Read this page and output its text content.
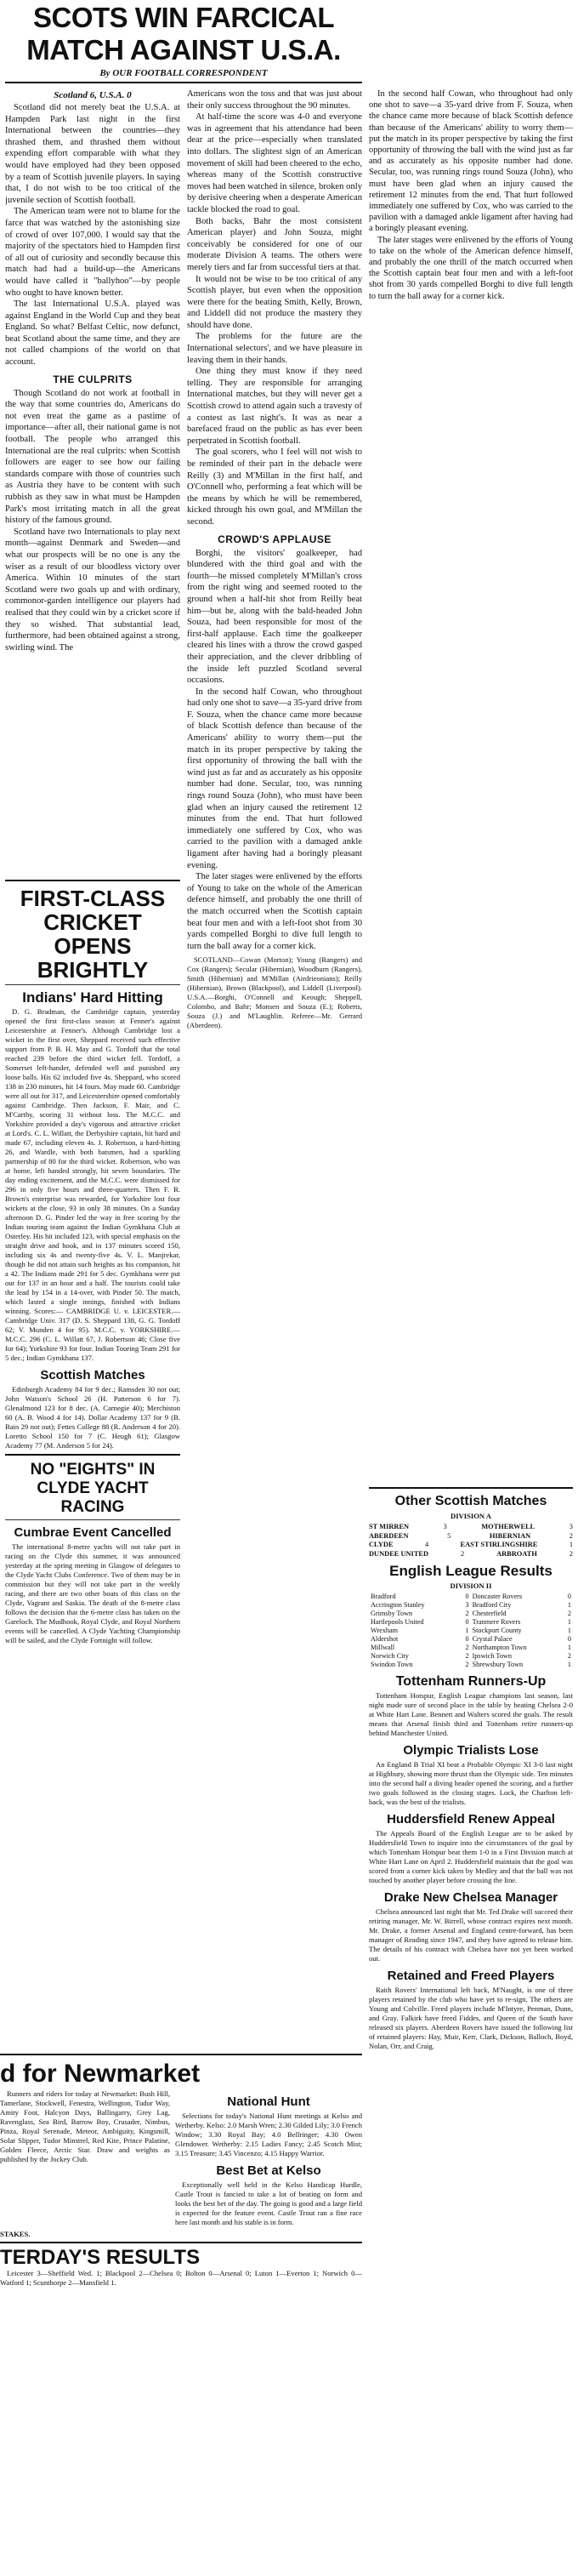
SCOTS WIN FARCICAL MATCH AGAINST U.S.A.
By OUR FOOTBALL CORRESPONDENT
Scotland 6, U.S.A. 0

Scotland did not merely beat the U.S.A. at Hampden Park last night in the first International between the countries—they thrashed them, and thrashed them without expending effort comparable with what they would have employed had they been opposed by a team of Scottish juvenile players. In saying that, I do not wish to be too critical of the juvenile section of Scottish football.

The American team were not to blame for the farce that was watched by the astonishing size of crowd of over 107,000. I would say that the majority of the spectators hied to Hampden first of all out of curiosity and secondly because this match had had a build-up—the Americans would have called it "ballyhoo"—by people who ought to have known better.

The last International U.S.A. played was against England in the World Cup and they beat England. So what? Belfast Celtic, now defunct, beat Scotland about the same time, and they are not called champions of the world on that account.

THE CULPRITS

Though Scotland do not work at football in the way that some countries do, Americans do not even treat the game as a pastime of importance—after all, their national game is not football. The people who arranged this International are the real culprits: when Scottish followers are eager to see how our failing standards compare with those of countries such as Austria they have to be content with such rubbish as they saw in what must be Hampden Park's most irritating match in all the great history of the famous ground.

Scotland have two Internationals to play next month—against Denmark and Sweden—and what our prospects will be no one is any the wiser as a result of our bloodless victory over America. Within 10 minutes of the start Scotland were two goals up and with ordinary, commonor-garden intelligence our players had realised that they could win by a cricket score if they so wished. That substantial lead, furthermore, had been obtained against a strong, swirling wind. The

Americans won the toss and that was just about their only success throughout the 90 minutes.

At half-time the score was 4-0 and everyone was in agreement that his attendance had been dear at the price—especially when translated into dollars. The slightest sign of an American movement of skill had been cheered to the echo, whereas many of the Scottish constructive moves had been watched in silence, broken only by derisive cheering when a desperate American tackle blocked the road to goal.

Both backs, Bahr the most consistent American player) and John Souza, might conceivably be considered for one of our moderate Division A teams. The others were merely tiers and far from successful tiers at that.

It would not be wise to be too critical of any Scottish player, but even when the opposition were there for the beating Smith, Kelly, Brown, and Liddell did not produce the mastery they should have done.

The problems for the future are the International selectors', and we have pleasure in leaving them in their hands.

One thing they must know if they need telling. They are responsible for arranging International matches, but they will never get a Scottish crowd to attend again such a travesty of a contest as last night's. It was as near a barefaced fraud on the public as has ever been perpetrated in Scottish football.

The goal scorers, who I feel will not wish to be reminded of their part in the debacle were Reilly (3) and M'Millan in the first half, and O'Connell who, performing a feat which will be the means by which he will be remembered, kicked through his own goal, and M'Millan the second.

CROWD'S APPLAUSE

Borghi, the visitors' goalkeeper, had blundered with the third goal and with the fourth—he missed completely M'Millan's cross from the right wing and seemed rooted to the ground when a half-hit shot from Reilly beat him—but he, along with the bald-headed John Souza, had been responsible for most of the first-half applause. Each time the goalkeeper cleared his lines with a throw the crowd gasped their appreciation, and the clever dribbling of the inside left puzzled Scotland several occasions.

In the second half Cowan, who throughout had only one shot to save—a 35-yard drive from F. Souza, when the chance came more because of black Scottish defence than because of the Americans' ability to worry them—put the match in its proper perspective by taking the first opportunity of throwing the ball with the wind just as far and as accurately as his opposite number had done. Secular, too, was running rings round Souza (John), who must have been glad when an injury caused the retirement 12 minutes from the end. That hurt followed immediately one suffered by Cox, who was carried to the pavilion with a damaged ankle ligament after having had a boringly pleasant evening.

The later stages were enlivened by the efforts of Young to take on the whole of the American defence himself, and probably the one thrill of the match occurred when the Scottish captain beat four men and with a left-foot shot from 30 yards compelled Borghi to dive full length to turn the ball away for a corner kick.

SCOTLAND—Cowan (Morton); Young (Rangers) and Cox (Rangers); Secular (Hibernian), Woodburn (Rangers), Smith (Hibernian) and M'Millan (Airdrieonians); Reilly (Hibernian), Brown (Blackpool), and Liddell (Liverpool). U.S.A.—Borghi, O'Connell and Keough; Sheppell, Colombo, and Bahr; Monsen and Souza (E.); Roberts, Souza (J.) and M'Laughlin. Referee—Mr. Gerrard (Aberdeen).

FIRST-CLASS CRICKET OPENS BRIGHTLY
Indians' Hard Hitting

D. G. Bradman, the Cambridge captain, yesterday opened the first first-class season at Fenner's against Leicestershire at Fenner's. Although Cambridge lost a wicket in the first over, Sheppard received such effective support from P. B. H. May and G. Tordoff that the total reached 239 before the third wicket fell. Tordoff, a Somerset left-hander, defended well and punished any loose balls. His 62 included five 4s. Sheppard, who scored 138 in 230 minutes, hit 14 fours. May made 60. Cambridge were all out for 317, and Leicestershire opened comfortably against Cambridge. Then Jackson, F. Mair, and C. M'Carthy, scoring 31 without loss. The M.C.C. and Yorkshire provided a day's vigorous and attractive cricket at Lord's. C. L. Willatt, the Derbyshire captain, hit hard and made 67, including eleven 4s. J. Robertson, a hard-hitting 26, and Wardle, with both batsmen, had a sparkling partnership of 80 for the third wicket. Robertson, who was at home, left handed strongly, hit seven boundaries. The day ending excitement, and the M.C.C. were dismissed for 296 in only five hours and three-quarters. Then F. R. Brown's enterprise was rewarded, for Yorkshire lost four wickets at the close, 93 in only 38 minutes. On a Sunday afternoon D. G. Pinder led the way in free scoring by the Indian touring team against the Indian Gymkhana Club at Osterley. His hit included 123, with special emphasis on the straight drive and hook, and in 137 minutes scored 150, including six 4s and twenty-five 4s. V. L. Manjrekar, though he did not attain such heights as his companion, hit a 42. The Indians made 291 for 5 dec. Gymkhana were put out for 137 in an hour and a half. The tourists could take the lead by 154 in a 14-over, with Pinder 50. The match, which lasted a single innings, finished with Indians winning. Scores:— CAMBRIDGE U. v. LEICESTER.— Cambridge Univ. 317 (D. S. Sheppard 138, G. G. Tordoff 62; V. Munden 4 for 95). M.C.C. v. YORKSHIRE.— M.C.C. 296 (C. L. Willatt 67, J. Robertson 46; Close five for 64); Yorkshire 93 for four. Indian Touring Team 291 for 5 dec.; Indian Gymkhana 137.

Scottish Matches

Edinburgh Academy 84 for 9 dec.; Ramsden 30 not out; John Watson's School 26 (H. Patterson 6 for 7). Glenalmond 123 for 8 dec. (A. Carnegie 40); Merchiston 60 (A. B. Wood 4 for 14). Dollar Academy 137 for 9 (B. Bain 29 not out); Fettes College 88 (R. Anderson 4 for 20). Loretto School 150 for 7 (C. Heugh 61); Glasgow Academy 77 (M. Anderson 5 for 24).

NO "EIGHTS" IN CLYDE YACHT RACING
Cumbrae Event Cancelled

The international 8-metre yachts will not take part in racing on the Clyde this summer, it was announced yesterday at the spring meeting in Glasgow of delegates to the Clyde Yacht Clubs Conference. Two of them may be in commission but they will not take part in the weekly racing, and there are two other boats of this class on the Clyde, Vagrant and Saskia. The death of the 8-metre class follows the decision that the 6-metre class has taken on the Gareloch. The Mudhook, Royal Clyde, and Royal Northern events will be cancelled. A Clyde Yachting Championship will be sailed, and the Clyde Fortnight will follow.

Other Scottish Matches
DIVISION A
ST MIRREN	3	MOTHERWELL	3
ABERDEEN	5	HIBERNIAN	2
CLYDE	4	EAST STIRLINGSHIRE	1
DUNDEE UNITED	2	ARBROATH	2
English League Results
DIVISION II
Bradford	0	Doncaster Rovers	0
Accrington Stanley	3	Bradford City	1
Grimsby Town	2	Chesterfield	2
Hartlepools United	0	Tranmere Rovers	1
Wrexham	1	Stockport County	1
Aldershot	0	Crystal Palace	0
Millwall	2	Northampton Town	1
Norwich City	2	Ipswich Town	2
Swindon Town	2	Shrewsbury Town	1
Tottenham Runners-Up

Tottenham Hotspur, English League champions last season, last night made sure of second place in the table by beating Chelsea 2-0 at White Hart Lane. Bennett and Walters scored the goals. The result means that Arsenal finish third and Tottenham retire runners-up behind Manchester United.

Olympic Trialists Lose

An England B Trial XI beat a Probable Olympic XI 3-0 last night at Highbury, showing more thrust than the Olympic side. Ten minutes into the second half a diving header opened the scoring, and a further two goals followed in the closing stages. Lock, the Charlton left-back, was the best of the trialists.

Huddersfield Renew Appeal

The Appeals Board of the English League are to be asked by Huddersfield Town to inquire into the circumstances of the goal by which Tottenham Hotspur beat them 1-0 in a First Division match at White Hart Lane on April 2. Huddersfield maintain that the goal was scored from a corner kick taken by Medley and that the ball was not touched by another player before crossing the line.

Drake New Chelsea Manager

Chelsea announced last night that Mr. Ted Drake will succeed their retiring manager, Mr. W. Birrell, whose contract expires next month. Mr. Drake, a former Arsenal and England centre-forward, has been manager of Reading since 1947, and they have agreed to release him. The details of his contract with Chelsea have not yet been worked out.

Retained and Freed Players

Raith Rovers' International left back, M'Naught, is one of three players retained by the club who have yet to re-sign. The others are Young and Colville. Freed players include M'Intyre, Penman, Dunn, and Gray. Falkirk have freed Fiddes, and Queen of the South have released six players. Aberdeen Rovers have issued the following list of retained players: Hay, Muir, Kerr, Clark, Dickson, Balloch, Boyd, Nolan, Orr, and Craig.

In the second half Cowan, who throughout had only one shot to save—a 35-yard drive from F. Souza, when the chance came more because of black Scottish defence than because of the Americans' ability to worry them—put the match in its proper perspective by taking the first opportunity of throwing the ball with the wind just as far and as accurately as his opposite number had done. Secular, too, was running rings round Souza (John), who must have been glad when an injury caused the retirement 12 minutes from the end. That hurt followed immediately one suffered by Cox, who was carried to the pavilion with a damaged ankle ligament after having had a boringly pleasant evening.

The later stages were enlivened by the efforts of Young to take on the whole of the American defence himself, and probably the one thrill of the match occurred when the Scottish captain beat four men and with a left-foot shot from 30 yards compelled Borghi to dive full length to turn the ball away for a corner kick.

d for Newmarket

Runners and riders for today at Newmarket: Bush Hill, Tamerlane, Stockwell, Fenestra, Wellington, Tudor Way, Amity Foot, Halcyon Days, Ballingarry, Grey Lag, Ravenglass, Sea Bird, Barrow Boy, Crusader, Nimbus, Pinza, Royal Serenade, Meteor, Ambiguity, Kingsmill, Solar Slipper, Tudor Minstrel, Red Kite, Prince Palatine, Golden Fleece, Arctic Star. Draw and weights as published by the Jockey Club.

National Hunt

Selections for today's National Hunt meetings at Kelso and Wetherby. Kelso: 2.0 Marsh Wren; 2.30 Gilded Lily; 3.0 French Window; 3.30 Royal Bay; 4.0 Bellringer; 4.30 Owen Glendower. Wetherby: 2.15 Ladies Fancy; 2.45 Scotch Mist; 3.15 Treasure; 3.45 Vincenzo; 4.15 Happy Warrior.

Best Bet at Kelso

Exceptionally well held in the Kelso Handicap Hurdle, Castle Trout is fancied to take a lot of beating on form and looks the best bet of the day. The going is good and a large field is expected for the feature event. Castle Trout ran a fine race here last month and his stable is in form.

STAKES.
TERDAY'S RESULTS

Leicester 3—Sheffield Wed. 1; Blackpool 2—Chelsea 0; Bolton 0—Arsenal 0; Luton 1—Everton 1; Norwich 0—Watford 1; Scunthorpe 2—Mansfield 1.
